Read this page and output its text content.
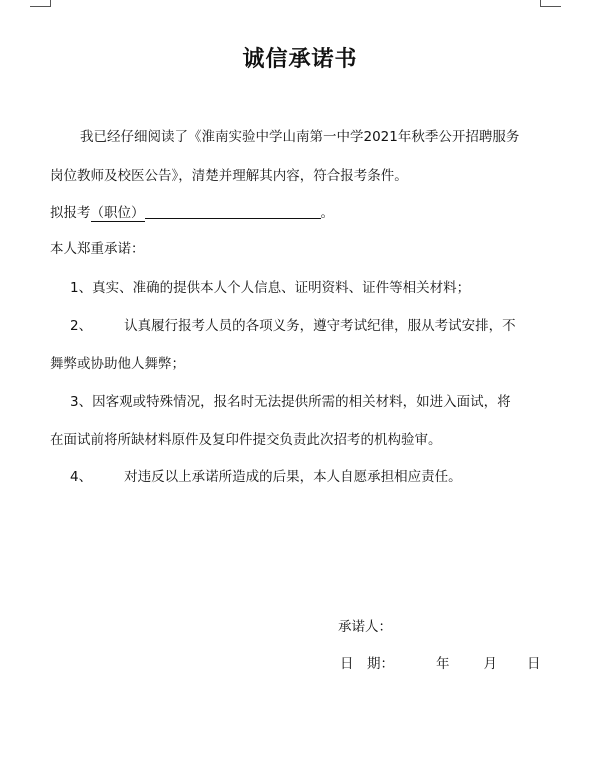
诚信承诺书
我已经仔细阅读了《淮南实验中学山南第一中学2021年秋季公开招聘服务
岗位教师及校医公告》，清楚并理解其内容，符合报考条件。
拟报考（职位）	。
本人郑重承诺：
1、真实、准确的提供本人个人信息、证明资料、证件等相关材料；
2、 认真履行报考人员的各项义务，遵守考试纪律，服从考试安排，不
舞弊或协助他人舞弊；
3、因客观或特殊情况，报名时无法提供所需的相关材料，如进入面试，将
在面试前将所缺材料原件及复印件提交负责此次招考的机构验审。
4、 对违反以上承诺所造成的后果，本人自愿承担相应责任。
承诺人：
日　期：	年	月 日
